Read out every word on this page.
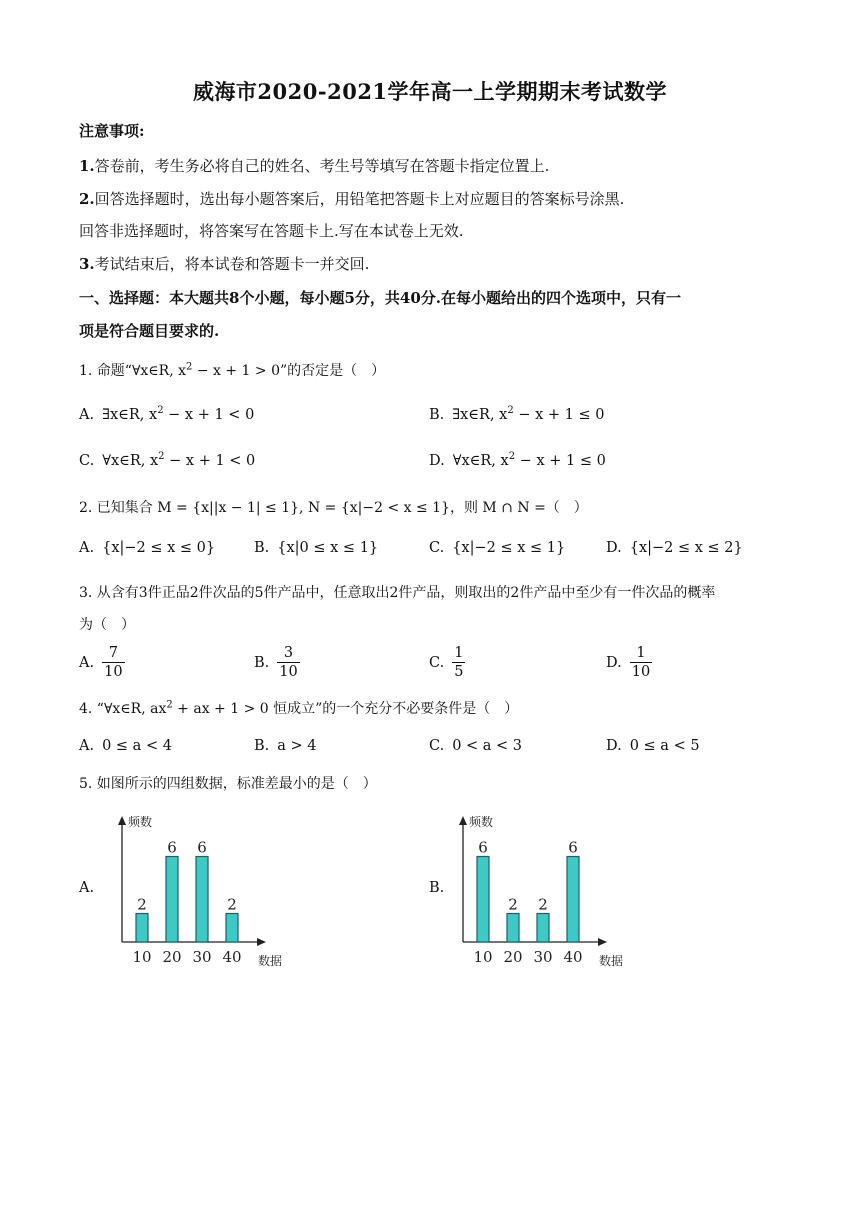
威海市2020-2021学年高一上学期期末考试数学
注意事项:
1.答卷前，考生务必将自己的姓名、考生号等填写在答题卡指定位置上.
2.回答选择题时，选出每小题答案后，用铅笔把答题卡上对应题目的答案标号涂黑.
回答非选择题时，将答案写在答题卡上.写在本试卷上无效.
3.考试结束后，将本试卷和答题卡一并交回.
一、选择题：本大题共8个小题，每小题5分，共40分.在每小题给出的四个选项中，只有一
项是符合题目要求的.
1. 命题“∀x∈R, $x^2 - x + 1 > 0$”的否定是（　）
A. ∃x∈R, $x^2 - x + 1 < 0$	B. ∃x∈R, $x^2 - x + 1 \le 0$
C. ∀x∈R, $x^2 - x + 1 < 0$	D. ∀x∈R, $x^2 - x + 1 \le 0$
2. 已知集合 M = {x||x − 1| ≤ 1}, N = {x|−2 < x ≤ 1}，则 M ∩ N =（　）
A. {x|−2 ≤ x ≤ 0}	B. {x|0 ≤ x ≤ 1}	C. {x|−2 ≤ x ≤ 1}	D. {x|−2 ≤ x ≤ 2}
3. 从含有3件正品2件次品的5件产品中，任意取出2件产品，则取出的2件产品中至少有一件次品的概率
为（　）
A. $\frac{7}{10}$	B. $\frac{3}{10}$	C. $\frac{1}{5}$	D. $\frac{1}{10}$
4. “∀x∈R, $ax^2$ + ax + 1 > 0 恒成立”的一个充分不必要条件是（　）
A. 0 ≤ a < 4	B. a > 4	C. 0 < a < 3	D. 0 ≤ a < 5
5. 如图所示的四组数据，标准差最小的是（　）
A.	B.
频数
数据
2
10
6
20
6
30
2
40
频数
数据
6
10
2
20
2
30
6
40
